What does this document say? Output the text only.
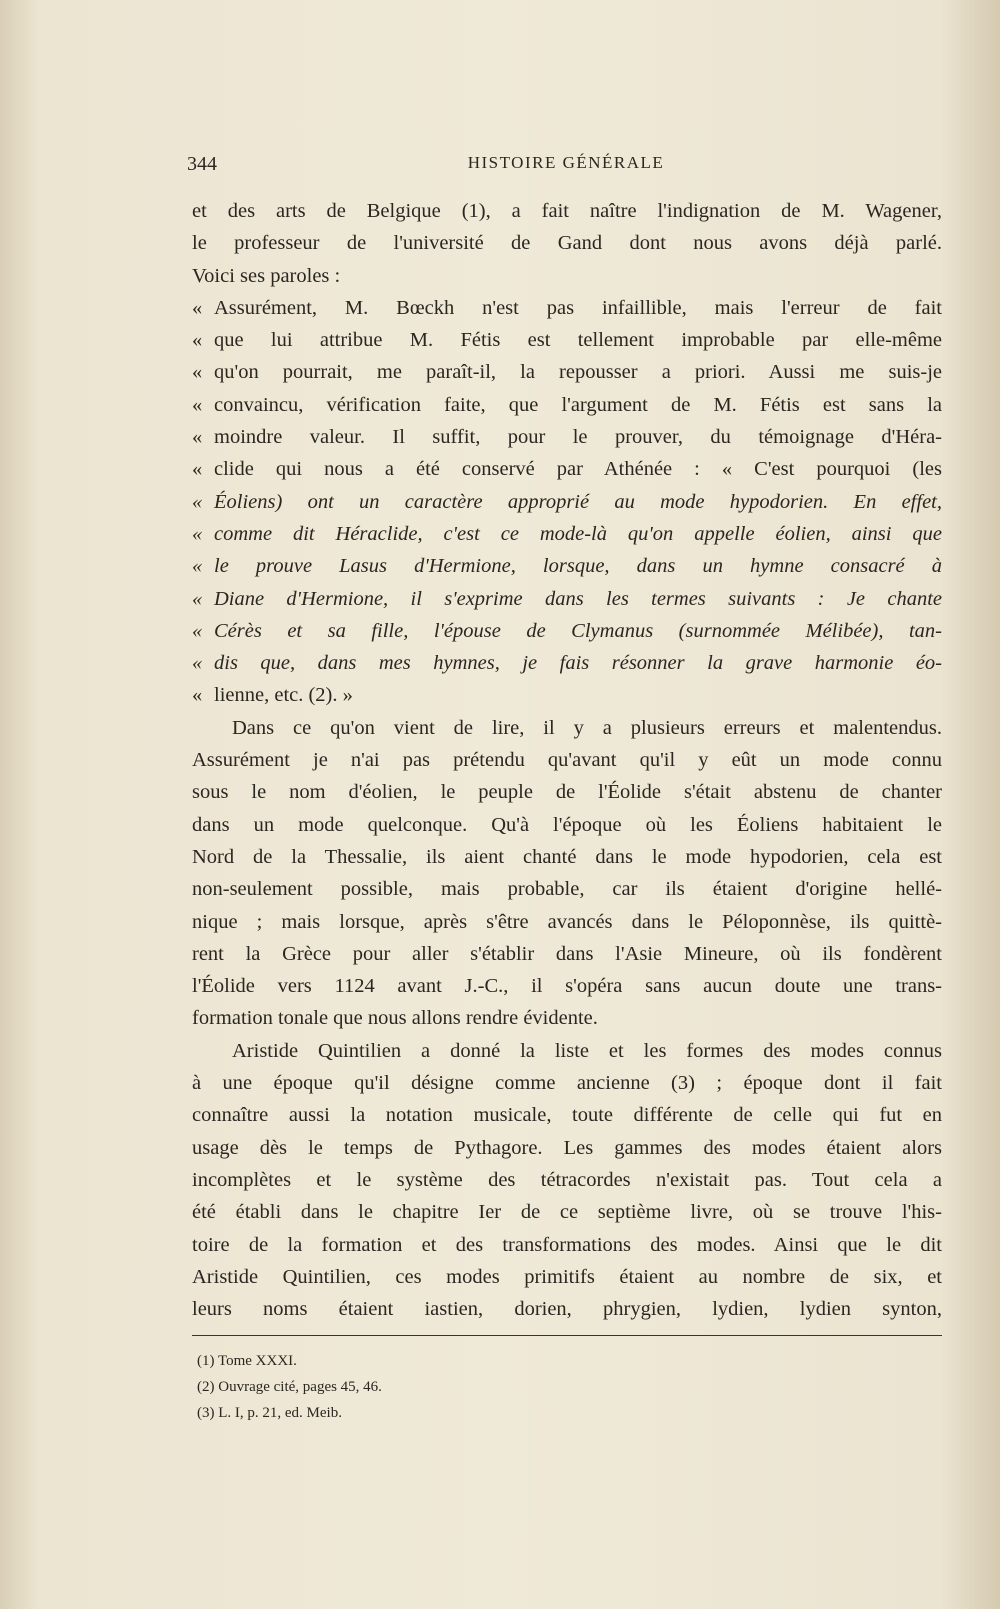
344	HISTOIRE GÉNÉRALE
et des arts de Belgique (1), a fait naître l'indignation de M. Wagener,
le professeur de l'université de Gand dont nous avons déjà parlé.
Voici ses paroles :
« Assurément, M. Bœckh n'est pas infaillible, mais l'erreur de fait
« que lui attribue M. Fétis est tellement improbable par elle-même
« qu'on pourrait, me paraît-il, la repousser a priori. Aussi me suis-je
« convaincu, vérification faite, que l'argument de M. Fétis est sans la
« moindre valeur. Il suffit, pour le prouver, du témoignage d'Héra-
« clide qui nous a été conservé par Athénée : « C'est pourquoi (les
« Éoliens) ont un caractère approprié au mode hypodorien. En effet,
« comme dit Héraclide, c'est ce mode-là qu'on appelle éolien, ainsi que
« le prouve Lasus d'Hermione, lorsque, dans un hymne consacré à
« Diane d'Hermione, il s'exprime dans les termes suivants : Je chante
« Cérès et sa fille, l'épouse de Clymanus (surnommée Mélibée), tan-
« dis que, dans mes hymnes, je fais résonner la grave harmonie éo-
« lienne, etc. (2). »
Dans ce qu'on vient de lire, il y a plusieurs erreurs et malentendus.
Assurément je n'ai pas prétendu qu'avant qu'il y eût un mode connu
sous le nom d'éolien, le peuple de l'Éolide s'était abstenu de chanter
dans un mode quelconque. Qu'à l'époque où les Éoliens habitaient le
Nord de la Thessalie, ils aient chanté dans le mode hypodorien, cela est
non-seulement possible, mais probable, car ils étaient d'origine hellé-
nique ; mais lorsque, après s'être avancés dans le Péloponnèse, ils quittè-
rent la Grèce pour aller s'établir dans l'Asie Mineure, où ils fondèrent
l'Éolide vers 1124 avant J.-C., il s'opéra sans aucun doute une trans-
formation tonale que nous allons rendre évidente.
Aristide Quintilien a donné la liste et les formes des modes connus
à une époque qu'il désigne comme ancienne (3) ; époque dont il fait
connaître aussi la notation musicale, toute différente de celle qui fut en
usage dès le temps de Pythagore. Les gammes des modes étaient alors
incomplètes et le système des tétracordes n'existait pas. Tout cela a
été établi dans le chapitre Ier de ce septième livre, où se trouve l'his-
toire de la formation et des transformations des modes. Ainsi que le dit
Aristide Quintilien, ces modes primitifs étaient au nombre de six, et
leurs noms étaient iastien, dorien, phrygien, lydien, lydien synton,
(1) Tome XXXI.
(2) Ouvrage cité, pages 45, 46.
(3) L. I, p. 21, ed. Meib.
